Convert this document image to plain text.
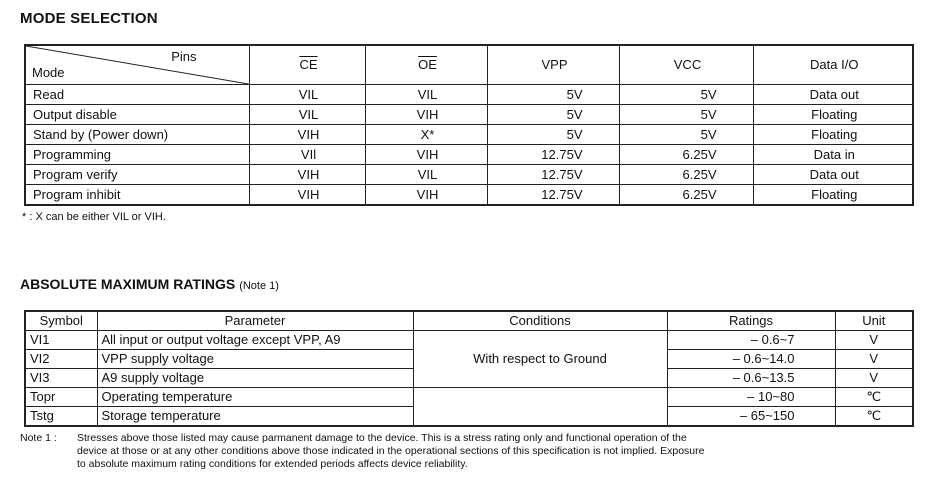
MODE SELECTION
Pins
Mode	$\overline{CE}$	$\overline{OE}$	VPP	VCC	Data I/O
Read	VIL	VIL	5V	5V	Data out
Output disable	VIL	VIH	5V	5V	Floating
Stand by (Power down)	VIH	X*	5V	5V	Floating
Programming	VIl	VIH	12.75V	6.25V	Data in
Program verify	VIH	VIL	12.75V	6.25V	Data out
Program inhibit	VIH	VIH	12.75V	6.25V	Floating
* : X can be either VIL or VIH.
ABSOLUTE MAXIMUM RATINGS (Note 1)
Symbol	Parameter	Conditions	Ratings	Unit
VI1	All input or output voltage except VPP, A9	With respect to Ground	– 0.6~7	V
VI2	VPP supply voltage		– 0.6~14.0	V
VI3	A9 supply voltage		– 0.6~13.5	V
Topr	Operating temperature		– 10~80	℃
Tstg	Storage temperature		– 65~150	℃
Note 1 : Stresses above those listed may cause parmanent damage to the device. This is a stress rating only and functional operation of the
device at those or at any other conditions above those indicated in the operational sections of this specification is not implied. Exposure
to absolute maximum rating conditions for extended periods affects device reliability.
